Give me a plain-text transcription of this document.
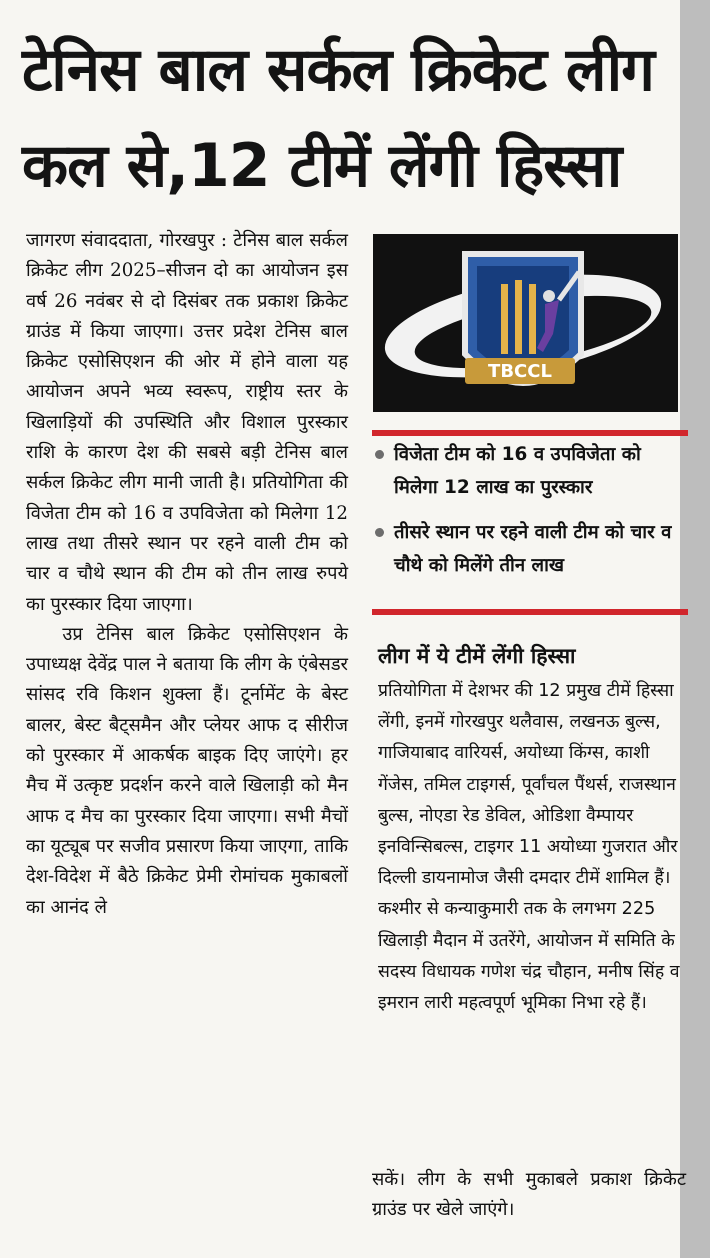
टेनिस बाल सर्कल क्रिकेट लीग कल से,12 टीमें लेंगी हिस्सा

जागरण संवाददाता, गोरखपुर : टेनिस बाल सर्कल क्रिकेट लीग 2025–सीजन दो का आयोजन इस वर्ष 26 नवंबर से दो दिसंबर तक प्रकाश क्रिकेट ग्राउंड में किया जाएगा। उत्तर प्रदेश टेनिस बाल क्रिकेट एसोसिएशन की ओर में होने वाला यह आयोजन अपने भव्य स्वरूप, राष्ट्रीय स्तर के खिलाड़ियों की उपस्थिति और विशाल पुरस्कार राशि के कारण देश की सबसे बड़ी टेनिस बाल सर्कल क्रिकेट लीग मानी जाती है। प्रतियोगिता की विजेता टीम को 16 व उपविजेता को मिलेगा 12 लाख तथा तीसरे स्थान पर रहने वाली टीम को चार व चौथे स्थान की टीम को तीन लाख रुपये का पुरस्कार दिया जाएगा।

उप्र टेनिस बाल क्रिकेट एसोसिएशन के उपाध्यक्ष देवेंद्र पाल ने बताया कि लीग के एंबेसडर सांसद रवि किशन शुक्ला हैं। टूर्नामेंट के बेस्ट बालर, बेस्ट बैट्समैन और प्लेयर आफ द सीरीज को पुरस्कार में आकर्षक बाइक दिए जाएंगे। हर मैच में उत्कृष्ट प्रदर्शन करने वाले खिलाड़ी को मैन आफ द मैच का पुरस्कार दिया जाएगा। सभी मैचों का यूट्यूब पर सजीव प्रसारण किया जाएगा, ताकि देश-विदेश में बैठे क्रिकेट प्रेमी रोमांचक मुकाबलों का आनंद ले

TBCCL
विजेता टीम को 16 व उपविजेता को मिलेगा 12 लाख का पुरस्कार
तीसरे स्थान पर रहने वाली टीम को चार व चौथे को मिलेंगे तीन लाख
लीग में ये टीमें लेंगी हिस्सा
प्रतियोगिता में देशभर की 12 प्रमुख टीमें हिस्सा लेंगी, इनमें गोरखपुर थलैवास, लखनऊ बुल्स, गाजियाबाद वारियर्स, अयोध्या किंग्स, काशी गेंजेस, तमिल टाइगर्स, पूर्वांचल पैंथर्स, राजस्थान बुल्स, नोएडा रेड डेविल, ओडिशा वैम्पायर इनविन्सिबल्स, टाइगर 11 अयोध्या गुजरात और दिल्ली डायनामोज जैसी दमदार टीमें शामिल हैं। कश्मीर से कन्याकुमारी तक के लगभग 225 खिलाड़ी मैदान में उतरेंगे, आयोजन में समिति के सदस्य विधायक गणेश चंद्र चौहान, मनीष सिंह व इमरान लारी महत्वपूर्ण भूमिका निभा रहे हैं।
सकें। लीग के सभी मुकाबले प्रकाश क्रिकेट ग्राउंड पर खेले जाएंगे।
